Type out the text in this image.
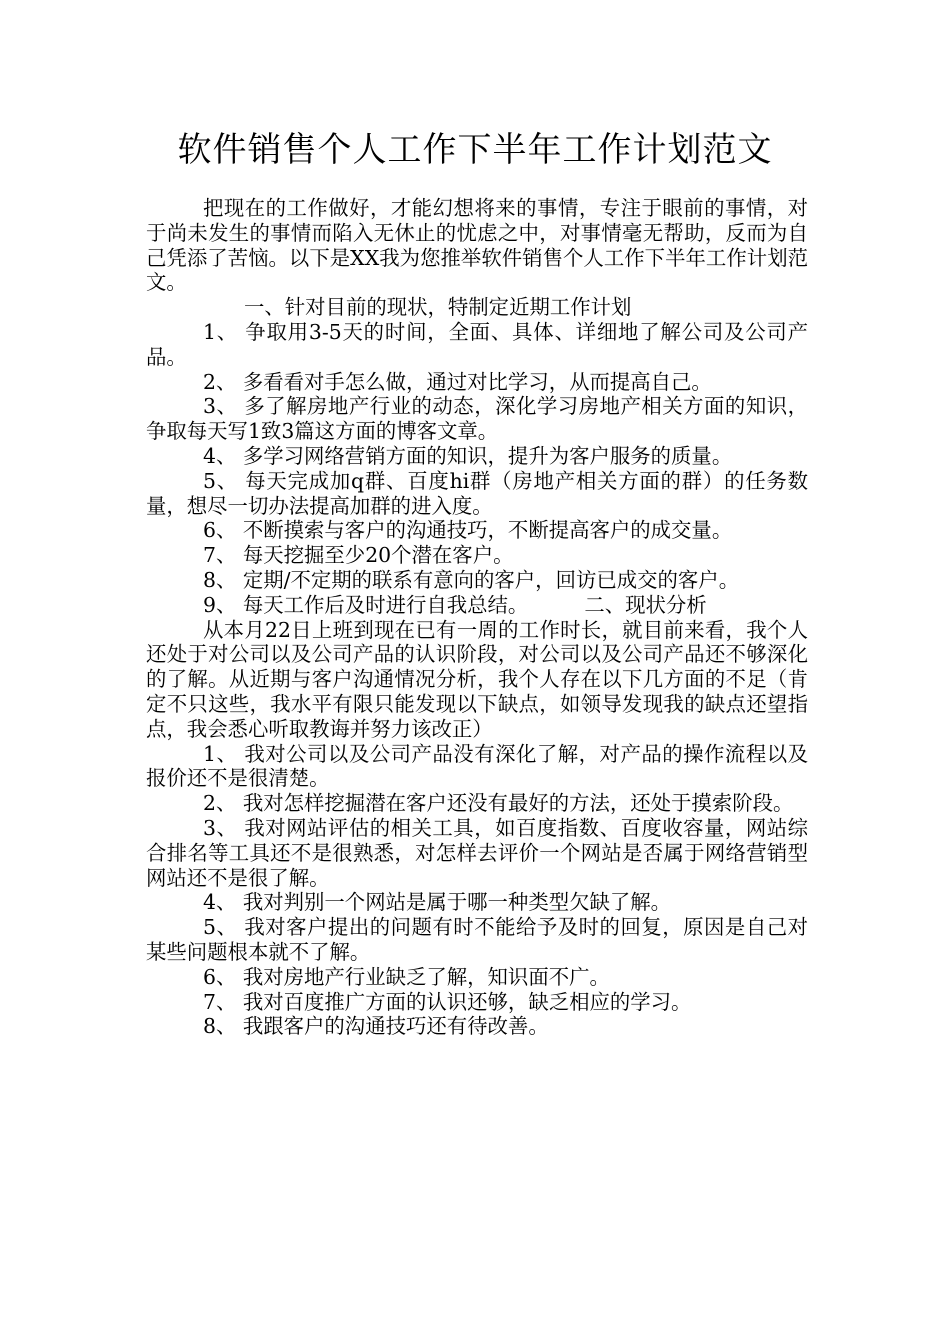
软件销售个人工作下半年工作计划范文

把现在的工作做好，才能幻想将来的事情，专注于眼前的事情，对于尚未发生的事情而陷入无休止的忧虑之中，对事情毫无帮助，反而为自己凭添了苦恼。以下是XX我为您推举软件销售个人工作下半年工作计划范文。

一、针对目前的现状，特制定近期工作计划

1、 争取用3-5天的时间，全面、具体、详细地了解公司及公司产品。

2、 多看看对手怎么做，通过对比学习，从而提高自己。

3、 多了解房地产行业的动态，深化学习房地产相关方面的知识，争取每天写1致3篇这方面的博客文章。

4、 多学习网络营销方面的知识，提升为客户服务的质量。

5、 每天完成加q群、百度hi群（房地产相关方面的群）的任务数量，想尽一切办法提高加群的进入度。

6、 不断摸索与客户的沟通技巧，不断提高客户的成交量。

7、 每天挖掘至少20个潜在客户。

8、 定期/不定期的联系有意向的客户，回访已成交的客户。

9、 每天工作后及时进行自我总结。	二、现状分析

从本月22日上班到现在已有一周的工作时长，就目前来看，我个人还处于对公司以及公司产品的认识阶段，对公司以及公司产品还不够深化的了解。从近期与客户沟通情况分析，我个人存在以下几方面的不足（肯定不只这些，我水平有限只能发现以下缺点，如领导发现我的缺点还望指点，我会悉心听取教诲并努力该改正）

1、 我对公司以及公司产品没有深化了解，对产品的操作流程以及报价还不是很清楚。

2、 我对怎样挖掘潜在客户还没有最好的方法，还处于摸索阶段。

3、 我对网站评估的相关工具，如百度指数、百度收容量，网站综合排名等工具还不是很熟悉，对怎样去评价一个网站是否属于网络营销型网站还不是很了解。

4、 我对判别一个网站是属于哪一种类型欠缺了解。

5、 我对客户提出的问题有时不能给予及时的回复，原因是自己对某些问题根本就不了解。

6、 我对房地产行业缺乏了解，知识面不广。

7、 我对百度推广方面的认识还够，缺乏相应的学习。

8、 我跟客户的沟通技巧还有待改善。
